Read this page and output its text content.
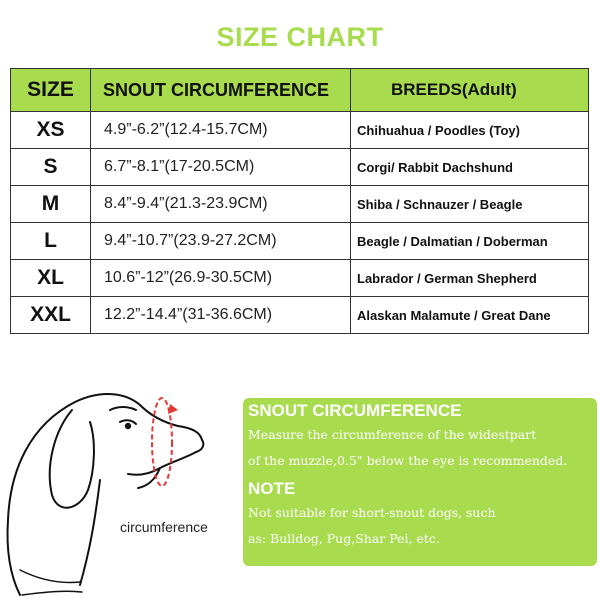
SIZE CHART
SIZE	SNOUT CIRCUMFERENCE	BREEDS(Adult)
XS	4.9”-6.2”(12.4-15.7CM)	Chihuahua / Poodles (Toy)
S	6.7”-8.1”(17-20.5CM)	Corgi/ Rabbit Dachshund
M	8.4”-9.4”(21.3-23.9CM)	Shiba / Schnauzer / Beagle
L	9.4”-10.7”(23.9-27.2CM)	Beagle / Dalmatian / Doberman
XL	10.6”-12”(26.9-30.5CM)	Labrador / German Shepherd
XXL	12.2”-14.4”(31-36.6CM)	Alaskan Malamute / Great Dane
circumference

SNOUT CIRCUMFERENCE

Measure the circumference of the widestpart

of the muzzle,0.5" below the eye is recommended.

NOTE

Not suitable for short-snout dogs, such

as: Bulldog, Pug,Shar Pei, etc.
